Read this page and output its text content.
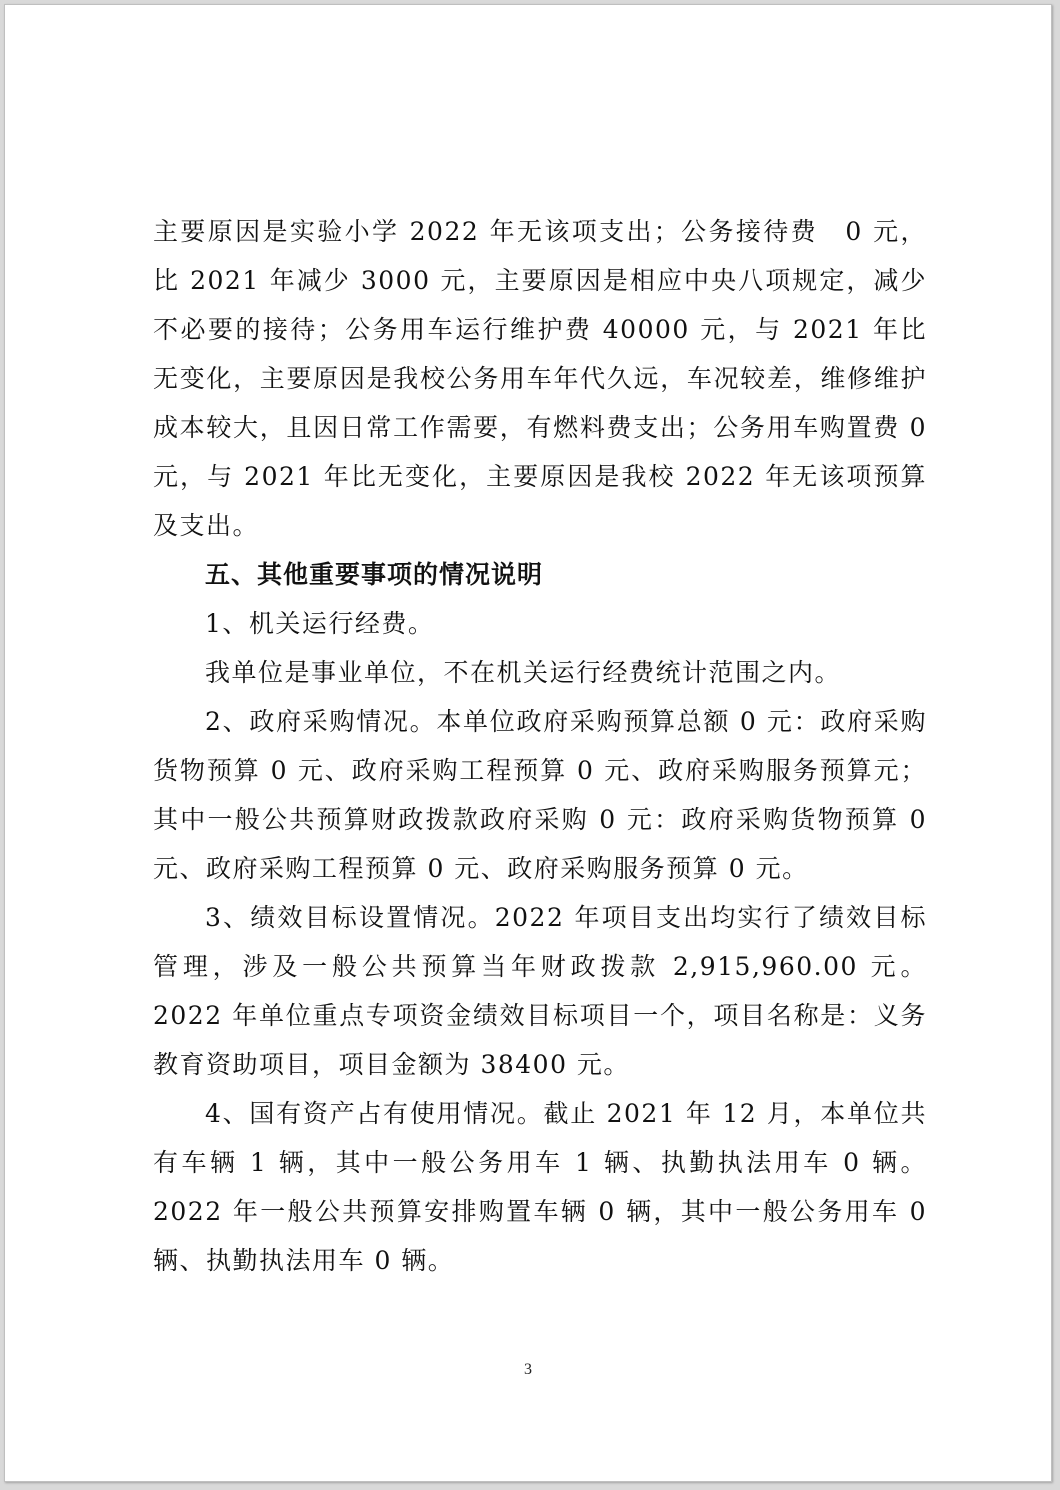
主要原因是实验小学 2022 年无该项支出；公务接待费　0 元，比 2021 年减少 3000 元，主要原因是相应中央八项规定，减少不必要的接待；公务用车运行维护费 40000 元，与 2021 年比无变化，主要原因是我校公务用车年代久远，车况较差，维修维护成本较大，且因日常工作需要，有燃料费支出；公务用车购置费 0 元，与 2021 年比无变化，主要原因是我校 2022 年无该项预算及支出。

五、其他重要事项的情况说明

1、机关运行经费。

我单位是事业单位，不在机关运行经费统计范围之内。

2、政府采购情况。本单位政府采购预算总额 0 元：政府采购货物预算 0 元、政府采购工程预算 0 元、政府采购服务预算元；其中一般公共预算财政拨款政府采购 0 元：政府采购货物预算 0 元、政府采购工程预算 0 元、政府采购服务预算 0 元。

3、绩效目标设置情况。2022 年项目支出均实行了绩效目标管理，涉及一般公共预算当年财政拨款 2,915,960.00 元。2022 年单位重点专项资金绩效目标项目一个，项目名称是：义务教育资助项目，项目金额为 38400 元。

4、国有资产占有使用情况。截止 2021 年 12 月，本单位共有车辆 1 辆，其中一般公务用车 1 辆、执勤执法用车 0 辆。2022 年一般公共预算安排购置车辆 0 辆，其中一般公务用车 0 辆、执勤执法用车 0 辆。

3
